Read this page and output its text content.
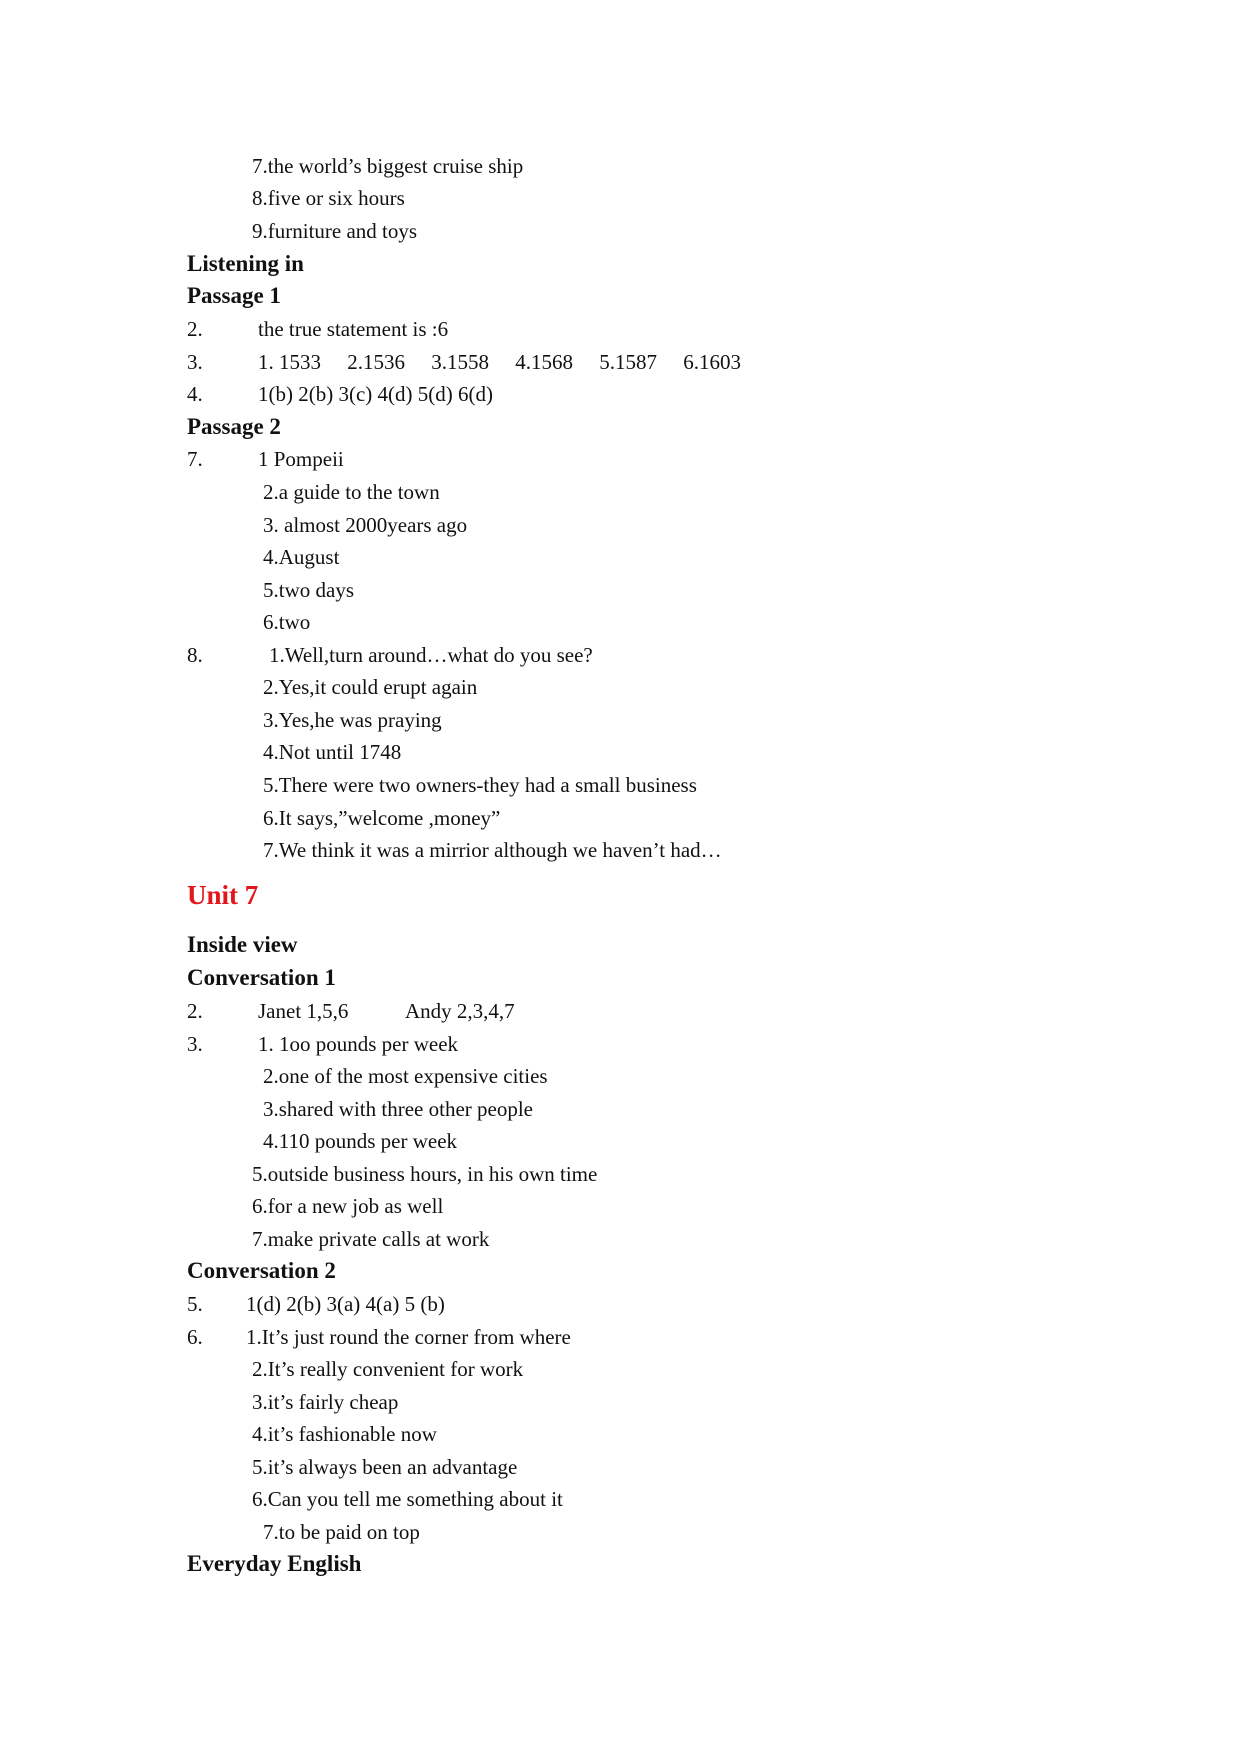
7.the world’s biggest cruise ship
8.five or six hours
9.furniture and toys
Listening in
Passage 1
2.	the true statement is :6
3.	1. 1533     2.1536     3.1558     4.1568     5.1587     6.1603
4.	1(b) 2(b) 3(c) 4(d) 5(d) 6(d)
Passage 2
7.	1 Pompeii
2.a guide to the town
3. almost 2000years ago
4.August
5.two days
6.two
8.	1.Well,turn around…what do you see?
2.Yes,it could erupt again
3.Yes,he was praying
4.Not until 1748
5.There were two owners-they had a small business
6.It says,”welcome ,money”
7.We think it was a mirrior although we haven’t had…
Unit 7
Inside view
Conversation 1
2.	Janet 1,5,6           Andy 2,3,4,7
3.	1. 1oo pounds per week
2.one of the most expensive cities
3.shared with three other people
4.110 pounds per week
5.outside business hours, in his own time
6.for a new job as well
7.make private calls at work
Conversation 2
5. 1(d) 2(b) 3(a) 4(a) 5 (b)
6. 1.It’s just round the corner from where
2.It’s really convenient for work
3.it’s fairly cheap
4.it’s fashionable now
5.it’s always been an advantage
6.Can you tell me something about it
7.to be paid on top
Everyday English
